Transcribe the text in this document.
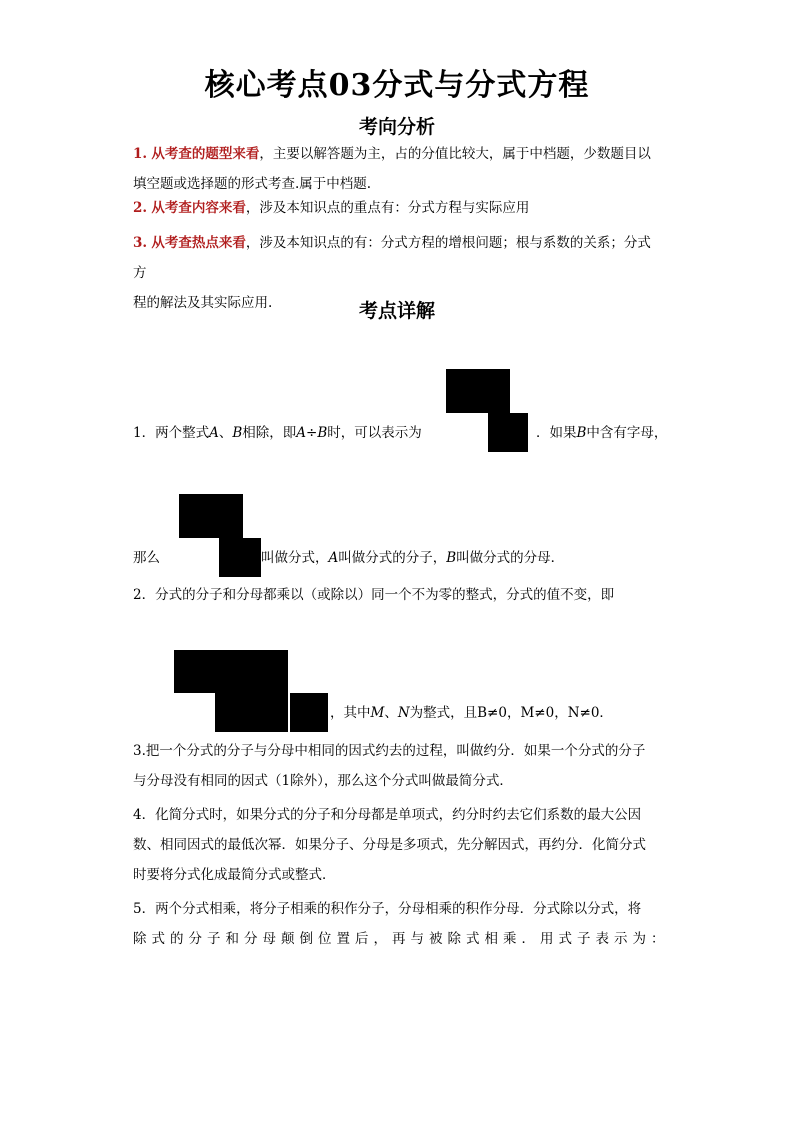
核心考点03分式与分式方程
考向分析
1. 从考查的题型来看，主要以解答题为主，占的分值比较大，属于中档题，少数题目以
填空题或选择题的形式考查.属于中档题.
2. 从考查内容来看，涉及本知识点的重点有：分式方程与实际应用
3. 从考查热点来看，涉及本知识点的有：分式方程的增根问题；根与系数的关系；分式方
程的解法及其实际应用.	考点详解
1．两个整式A、B相除，即A÷B时，可以表示为	．如果B中含有字母，
那么	叫做分式，A叫做分式的分子，B叫做分式的分母．
2．分式的分子和分母都乘以（或除以）同一个不为零的整式，分式的值不变，即
，其中M、N为整式，且B≠0，M≠0，N≠0．
3.把一个分式的分子与分母中相同的因式约去的过程，叫做约分．如果一个分式的分子
与分母没有相同的因式（1除外），那么这个分式叫做最简分式．
4．化简分式时，如果分式的分子和分母都是单项式，约分时约去它们系数的最大公因
数、相同因式的最低次幂．如果分子、分母是多项式，先分解因式，再约分．化简分式
时要将分式化成最简分式或整式．
5．两个分式相乘，将分子相乘的积作分子，分母相乘的积作分母．分式除以分式，将
除式的分子和分母颠倒位置后，再与被除式相乘．用式子表示为：
